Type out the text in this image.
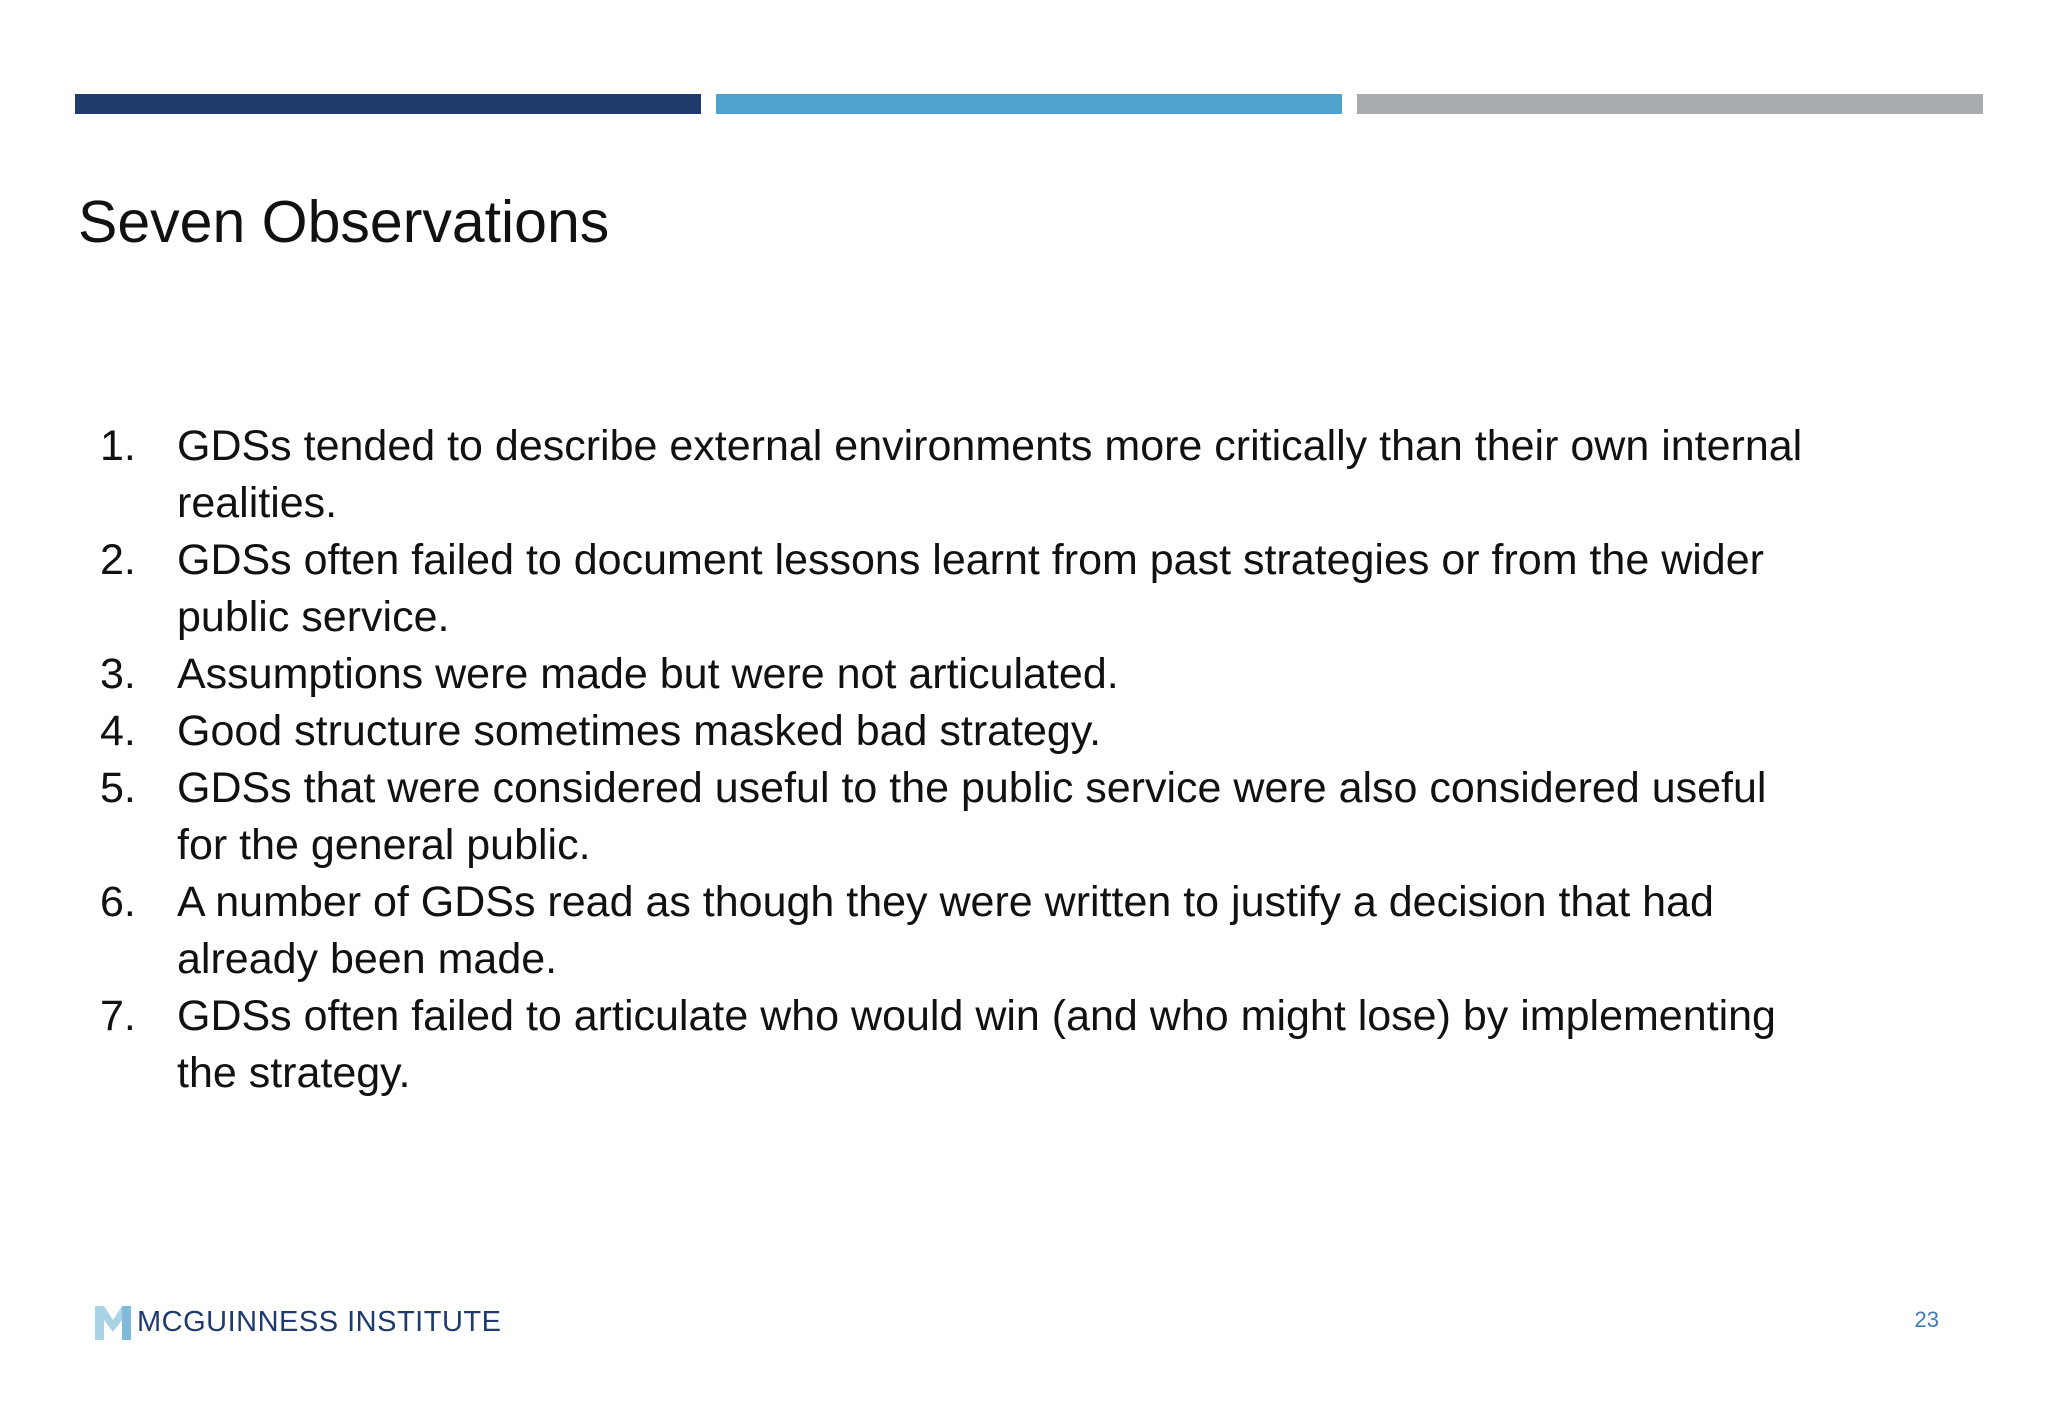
Seven Observations
1. GDSs tended to describe external environments more critically than their own internal realities.
2. GDSs often failed to document lessons learnt from past strategies or from the wider public service.
3. Assumptions were made but were not articulated.
4. Good structure sometimes masked bad strategy.
5. GDSs that were considered useful to the public service were also considered useful for the general public.
6. A number of GDSs read as though they were written to justify a decision that had already been made.
7. GDSs often failed to articulate who would win (and who might lose) by implementing the strategy.
MCGUINNESS INSTITUTE	23
